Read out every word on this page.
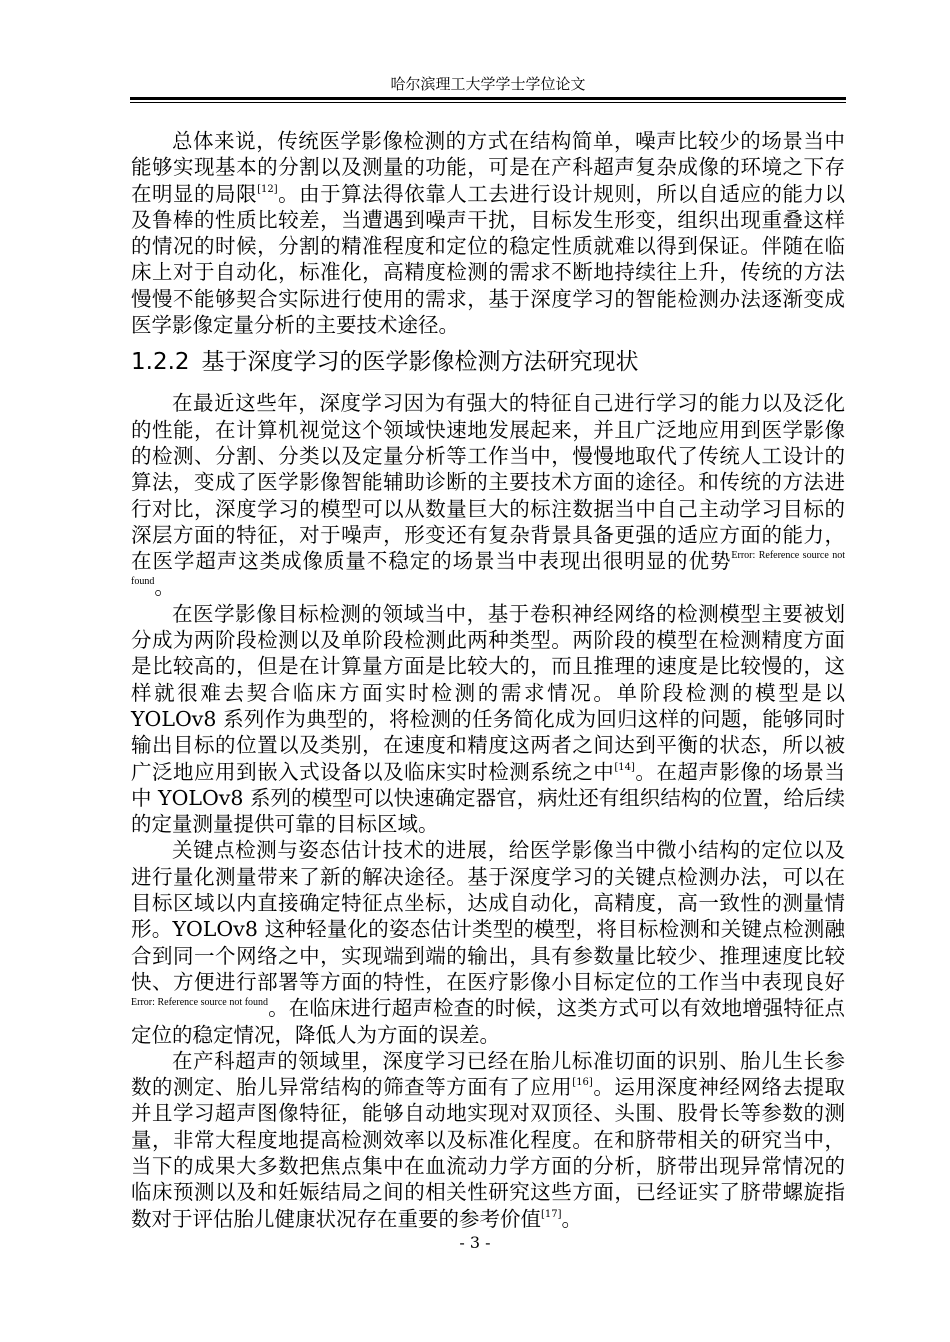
哈尔滨理工大学学士学位论文

总体来说，传统医学影像检测的方式在结构简单，噪声比较少的场景当中能够实现基本的分割以及测量的功能，可是在产科超声复杂成像的环境之下存在明显的局限[12]。由于算法得依靠人工去进行设计规则，所以自适应的能力以及鲁棒的性质比较差，当遭遇到噪声干扰，目标发生形变，组织出现重叠这样的情况的时候，分割的精准程度和定位的稳定性质就难以得到保证。伴随在临床上对于自动化，标准化，高精度检测的需求不断地持续往上升，传统的方法慢慢不能够契合实际进行使用的需求，基于深度学习的智能检测办法逐渐变成医学影像定量分析的主要技术途径。

1.2.2 基于深度学习的医学影像检测方法研究现状

在最近这些年，深度学习因为有强大的特征自己进行学习的能力以及泛化的性能，在计算机视觉这个领域快速地发展起来，并且广泛地应用到医学影像的检测、分割、分类以及定量分析等工作当中，慢慢地取代了传统人工设计的算法，变成了医学影像智能辅助诊断的主要技术方面的途径。和传统的方法进行对比，深度学习的模型可以从数量巨大的标注数据当中自己主动学习目标的深层方面的特征，对于噪声，形变还有复杂背景具备更强的适应方面的能力，在医学超声这类成像质量不稳定的场景当中表现出很明显的优势$^{Error: Reference source not found}$。

在医学影像目标检测的领域当中，基于卷积神经网络的检测模型主要被划分成为两阶段检测以及单阶段检测此两种类型。两阶段的模型在检测精度方面是比较高的，但是在计算量方面是比较大的，而且推理的速度是比较慢的，这样就很难去契合临床方面实时检测的需求情况。单阶段检测的模型是以 YOLOv8 系列作为典型的，将检测的任务简化成为回归这样的问题，能够同时输出目标的位置以及类别，在速度和精度这两者之间达到平衡的状态，所以被广泛地应用到嵌入式设备以及临床实时检测系统之中[14]。在超声影像的场景当中 YOLOv8 系列的模型可以快速确定器官，病灶还有组织结构的位置，给后续的定量测量提供可靠的目标区域。

关键点检测与姿态估计技术的进展，给医学影像当中微小结构的定位以及进行量化测量带来了新的解决途径。基于深度学习的关键点检测办法，可以在目标区域以内直接确定特征点坐标，达成自动化，高精度，高一致性的测量情形。YOLOv8 这种轻量化的姿态估计类型的模型，将目标检测和关键点检测融合到同一个网络之中，实现端到端的输出，具有参数量比较少、推理速度比较快、方便进行部署等方面的特性，在医疗影像小目标定位的工作当中表现良好$^{Error: Reference source not found}$。在临床进行超声检查的时候，这类方式可以有效地增强特征点定位的稳定情况，降低人为方面的误差。

在产科超声的领域里，深度学习已经在胎儿标准切面的识别、胎儿生长参数的测定、胎儿异常结构的筛查等方面有了应用[16]。运用深度神经网络去提取并且学习超声图像特征，能够自动地实现对双顶径、头围、股骨长等参数的测量，非常大程度地提高检测效率以及标准化程度。在和脐带相关的研究当中，当下的成果大多数把焦点集中在血流动力学方面的分析，脐带出现异常情况的临床预测以及和妊娠结局之间的相关性研究这些方面，已经证实了脐带螺旋指数对于评估胎儿健康状况存在重要的参考价值[17]。

- 3 -
